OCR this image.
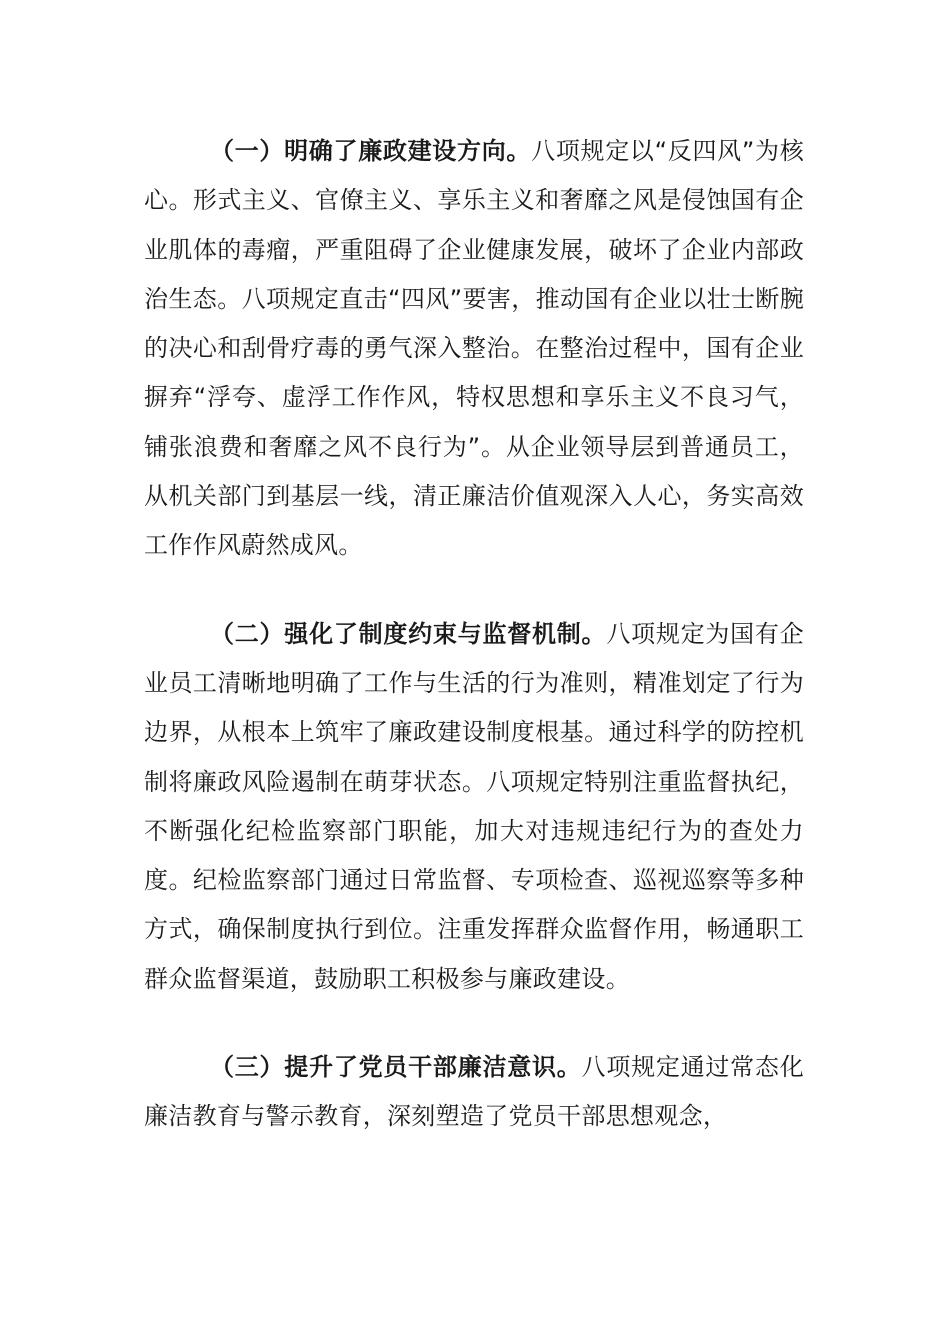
（一）明确了廉政建设方向。八项规定以“反四风”为核心。形式主义、官僚主义、享乐主义和奢靡之风是侵蚀国有企业肌体的毒瘤，严重阻碍了企业健康发展，破坏了企业内部政治生态。八项规定直击“四风”要害，推动国有企业以壮士断腕的决心和刮骨疗毒的勇气深入整治。在整治过程中，国有企业摒弃“浮夸、虚浮工作作风，特权思想和享乐主义不良习气，铺张浪费和奢靡之风不良行为”。从企业领导层到普通员工，从机关部门到基层一线，清正廉洁价值观深入人心，务实高效工作作风蔚然成风。

（二）强化了制度约束与监督机制。八项规定为国有企业员工清晰地明确了工作与生活的行为准则，精准划定了行为边界，从根本上筑牢了廉政建设制度根基。通过科学的防控机制将廉政风险遏制在萌芽状态。八项规定特别注重监督执纪，不断强化纪检监察部门职能，加大对违规违纪行为的查处力度。纪检监察部门通过日常监督、专项检查、巡视巡察等多种方式，确保制度执行到位。注重发挥群众监督作用，畅通职工群众监督渠道，鼓励职工积极参与廉政建设。

（三）提升了党员干部廉洁意识。八项规定通过常态化廉洁教育与警示教育，深刻塑造了党员干部思想观念，
